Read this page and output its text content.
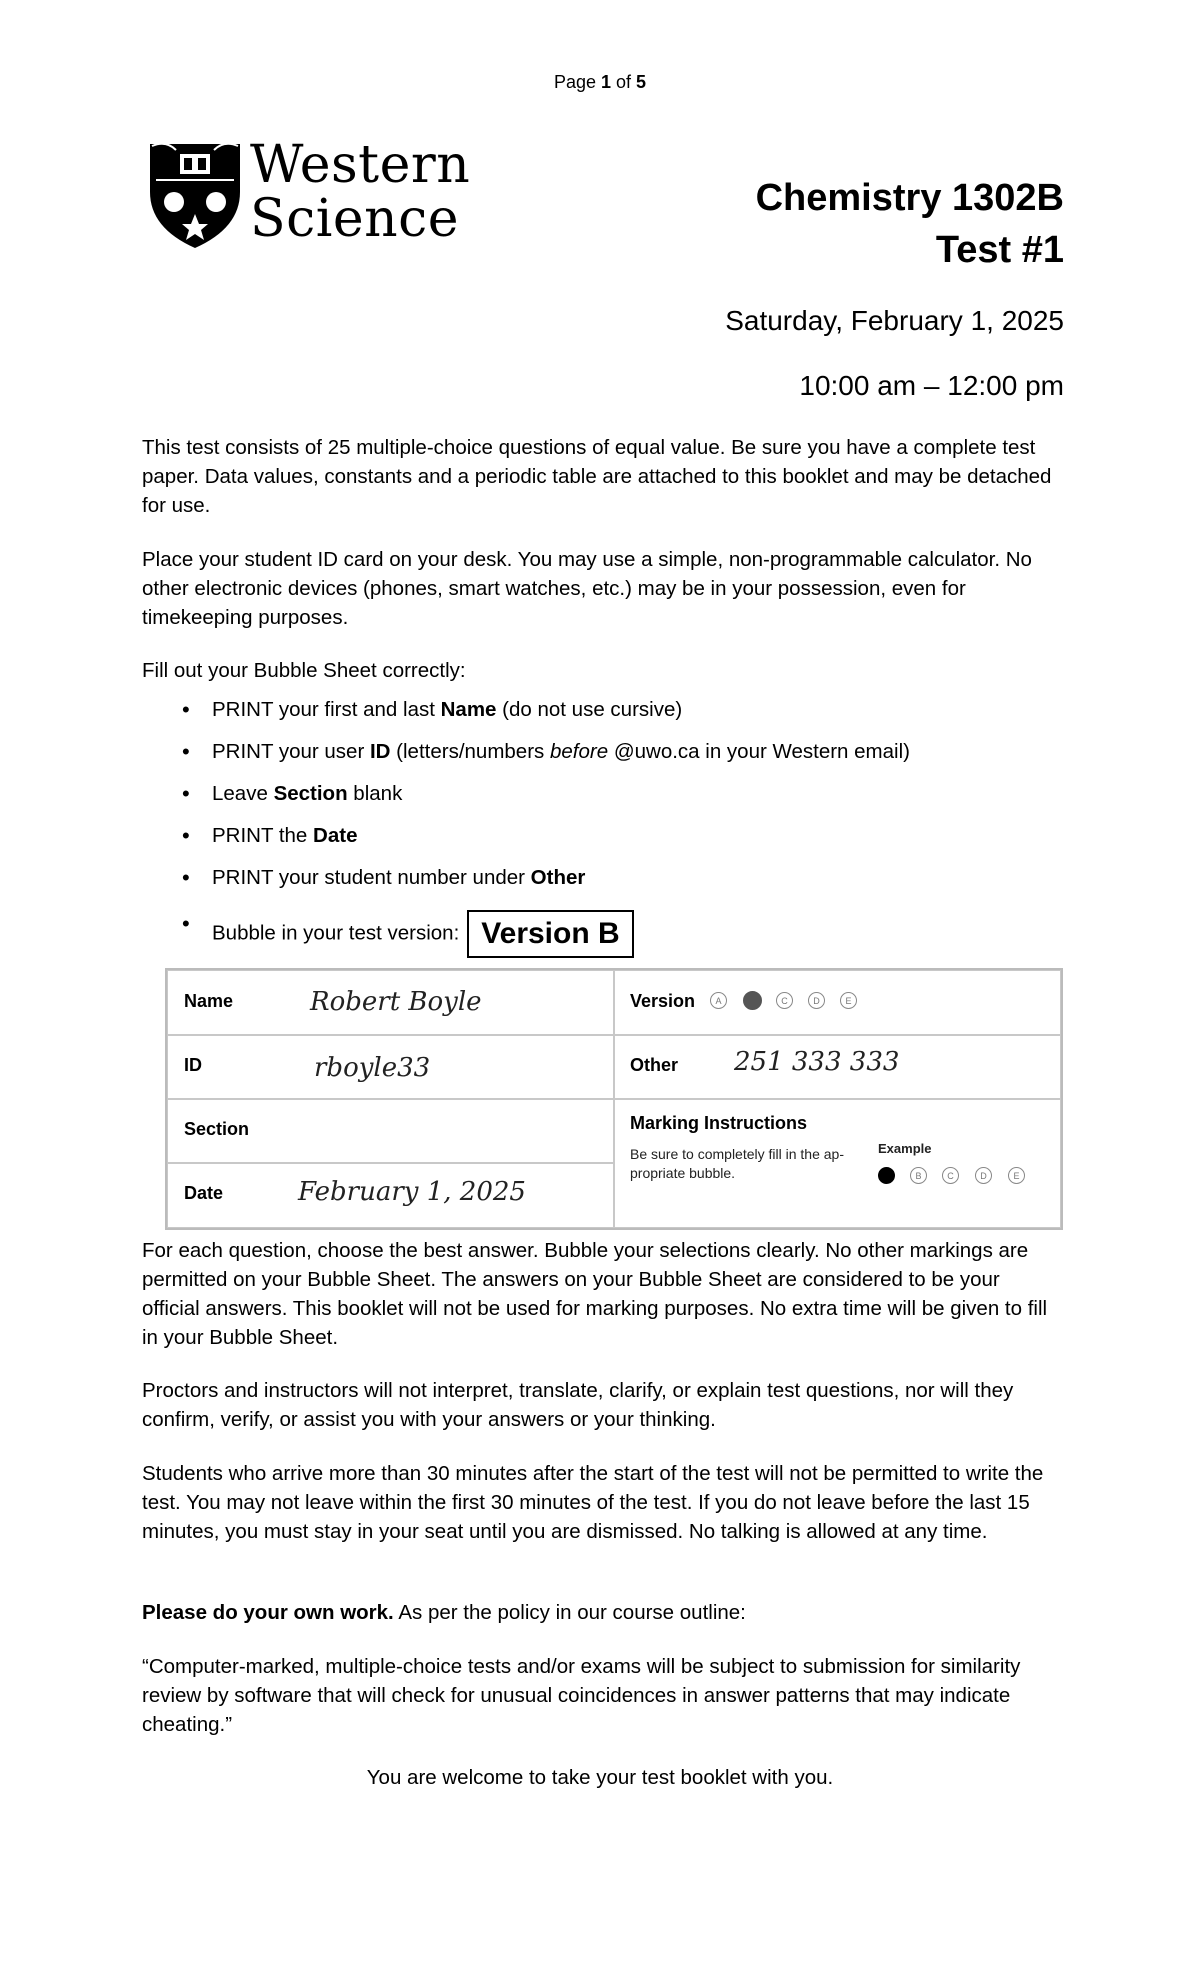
Page 1 of 5
Western
Science	Chemistry 1302B
Test #1
Saturday, February 1, 2025
10:00 am – 12:00 pm
This test consists of 25 multiple-choice questions of equal value. Be sure you have a complete test paper. Data values, constants and a periodic table are attached to this booklet and may be detached for use.
Place your student ID card on your desk. You may use a simple, non-programmable calculator. No other electronic devices (phones, smart watches, etc.) may be in your possession, even for timekeeping purposes.
Fill out your Bubble Sheet correctly:
• PRINT your first and last Name (do not use cursive)
• PRINT your user ID (letters/numbers before @uwo.ca in your Western email)
• Leave Section blank
• PRINT the Date
• PRINT your student number under Other
• Bubble in your test version: Version B
Name	Robert Boyle
ID	rboyle33
Section
Date	February 1, 2025
Version	A	C	D	E
Other 251 333 333
Marking Instructions
Be sure to completely fill in the ap-
propriate bubble.
Example
B	C	D	E
For each question, choose the best answer. Bubble your selections clearly. No other markings are permitted on your Bubble Sheet. The answers on your Bubble Sheet are considered to be your official answers. This booklet will not be used for marking purposes. No extra time will be given to fill in your Bubble Sheet.
Proctors and instructors will not interpret, translate, clarify, or explain test questions, nor will they confirm, verify, or assist you with your answers or your thinking.
Students who arrive more than 30 minutes after the start of the test will not be permitted to write the test. You may not leave within the first 30 minutes of the test. If you do not leave before the last 15 minutes, you must stay in your seat until you are dismissed. No talking is allowed at any time.
Please do your own work. As per the policy in our course outline:
“Computer-marked, multiple-choice tests and/or exams will be subject to submission for similarity review by software that will check for unusual coincidences in answer patterns that may indicate cheating.”
You are welcome to take your test booklet with you.
